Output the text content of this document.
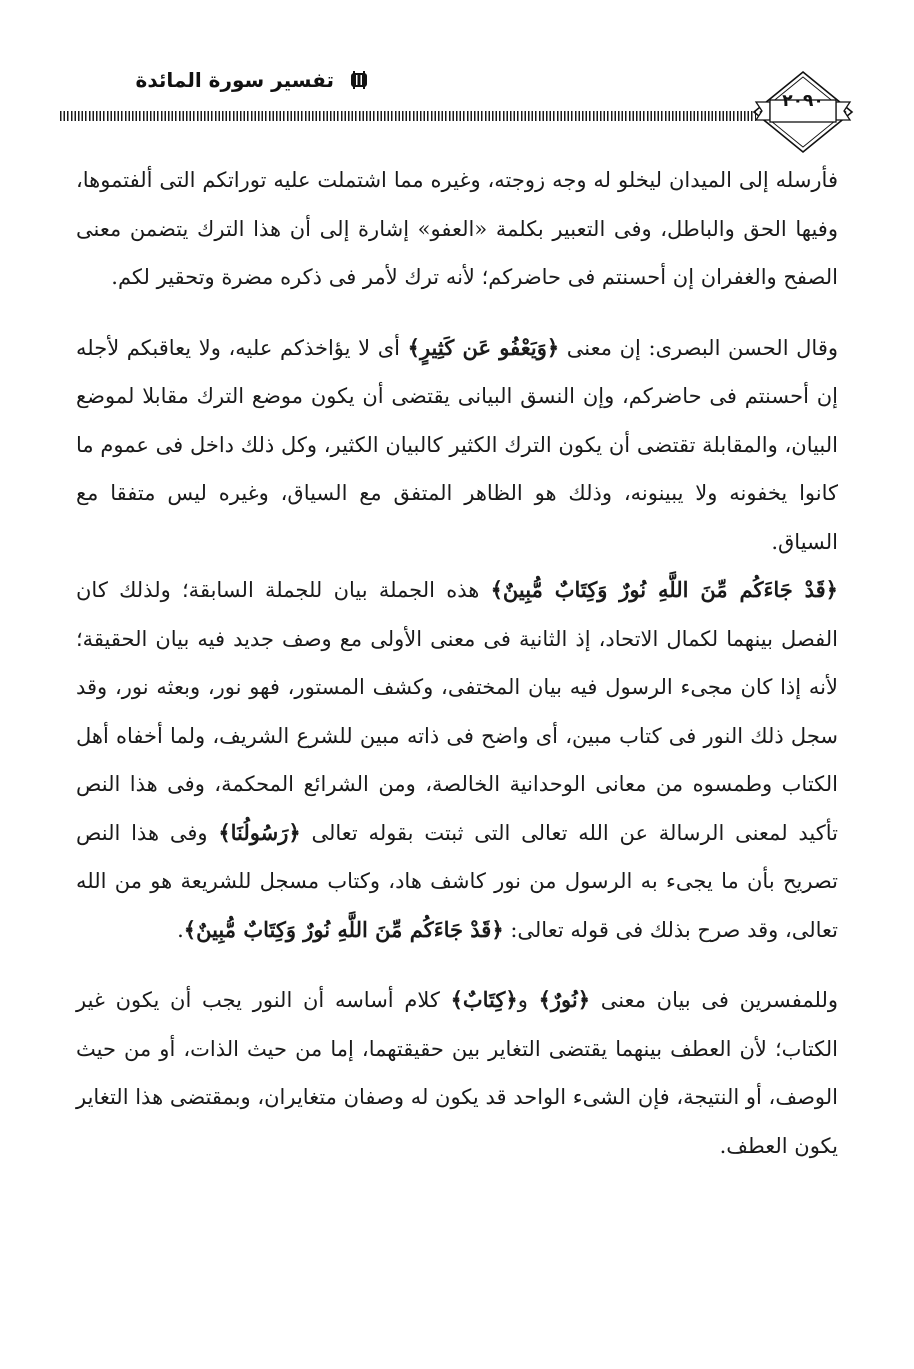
٢٠٩٠
تفسير سورة المائدة

فأرسله إلى الميدان ليخلو له وجه زوجته، وغيره مما اشتملت عليه توراتكم التى ألفتموها، وفيها الحق والباطل، وفى التعبير بكلمة «العفو» إشارة إلى أن هذا الترك يتضمن معنى الصفح والغفران إن أحسنتم فى حاضركم؛ لأنه ترك لأمر فى ذكره مضرة وتحقير لكم.

وقال الحسن البصرى: إن معنى ﴿وَيَعْفُو عَن كَثِيرٍ﴾ أى لا يؤاخذكم عليه، ولا يعاقبكم لأجله إن أحسنتم فى حاضركم، وإن النسق البيانى يقتضى أن يكون موضع الترك مقابلا لموضع البيان، والمقابلة تقتضى أن يكون الترك الكثير كالبيان الكثير، وكل ذلك داخل فى عموم ما كانوا يخفونه ولا يبينونه، وذلك هو الظاهر المتفق مع السياق، وغيره ليس متفقا مع السياق.

﴿قَدْ جَاءَكُم مِّنَ اللَّهِ نُورٌ وَكِتَابٌ مُّبِينٌ﴾ هذه الجملة بيان للجملة السابقة؛ ولذلك كان الفصل بينهما لكمال الاتحاد، إذ الثانية فى معنى الأولى مع وصف جديد فيه بيان الحقيقة؛ لأنه إذا كان مجىء الرسول فيه بيان المختفى، وكشف المستور، فهو نور، وبعثه نور، وقد سجل ذلك النور فى كتاب مبين، أى واضح فى ذاته مبين للشرع الشريف، ولما أخفاه أهل الكتاب وطمسوه من معانى الوحدانية الخالصة، ومن الشرائع المحكمة، وفى هذا النص تأكيد لمعنى الرسالة عن الله تعالى التى ثبتت بقوله تعالى ﴿رَسُولُنَا﴾ وفى هذا النص تصريح بأن ما يجىء به الرسول من نور كاشف هاد، وكتاب مسجل للشريعة هو من الله تعالى، وقد صرح بذلك فى قوله تعالى: ﴿قَدْ جَاءَكُم مِّنَ اللَّهِ نُورٌ وَكِتَابٌ مُّبِينٌ﴾.

وللمفسرين فى بيان معنى ﴿نُورٌ﴾ و﴿كِتَابٌ﴾ كلام أساسه أن النور يجب أن يكون غير الكتاب؛ لأن العطف بينهما يقتضى التغاير بين حقيقتهما، إما من حيث الذات، أو من حيث الوصف، أو النتيجة، فإن الشىء الواحد قد يكون له وصفان متغايران، وبمقتضى هذا التغاير يكون العطف.
